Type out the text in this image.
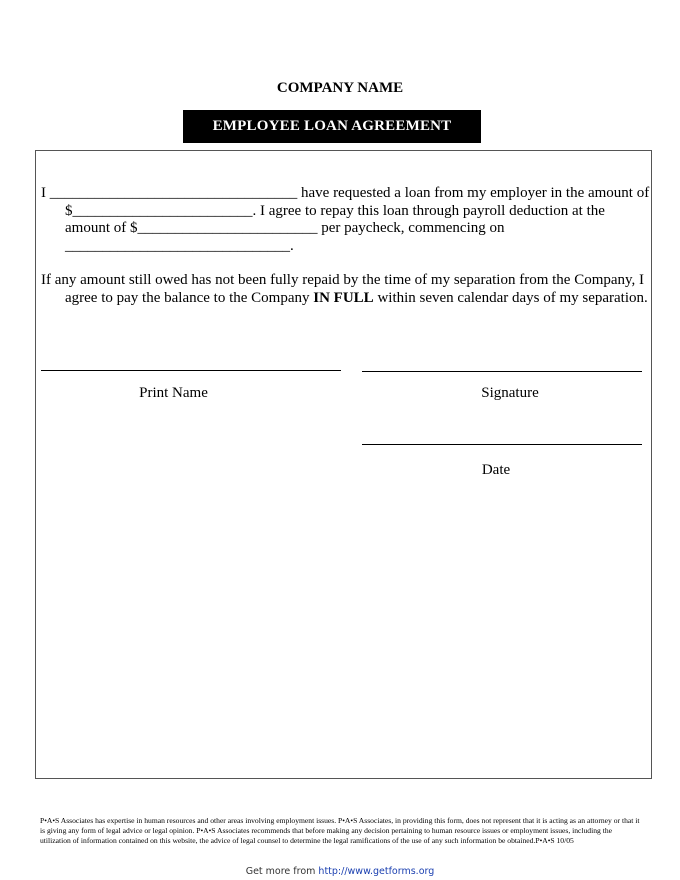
COMPANY NAME
EMPLOYEE LOAN AGREEMENT
I _________________________________ have requested a loan from my employer in the amount of $________________________. I agree to repay this loan through payroll deduction at the amount of $________________________ per paycheck, commencing on ______________________________.
If any amount still owed has not been fully repaid by the time of my separation from the Company, I agree to pay the balance to the Company IN FULL within seven calendar days of my separation.
Print Name	Signature
Date
P•A•S Associates has expertise in human resources and other areas involving employment issues. P•A•S Associates, in providing this form, does not represent that it is acting as an attorney or that it is giving any form of legal advice or legal opinion. P•A•S Associates recommends that before making any decision pertaining to human resource issues or employment issues, including the utilization of information contained on this website, the advice of legal counsel to determine the legal ramifications of the use of any such information be obtained.P•A•S 10/05
Get more from http://www.getforms.org
